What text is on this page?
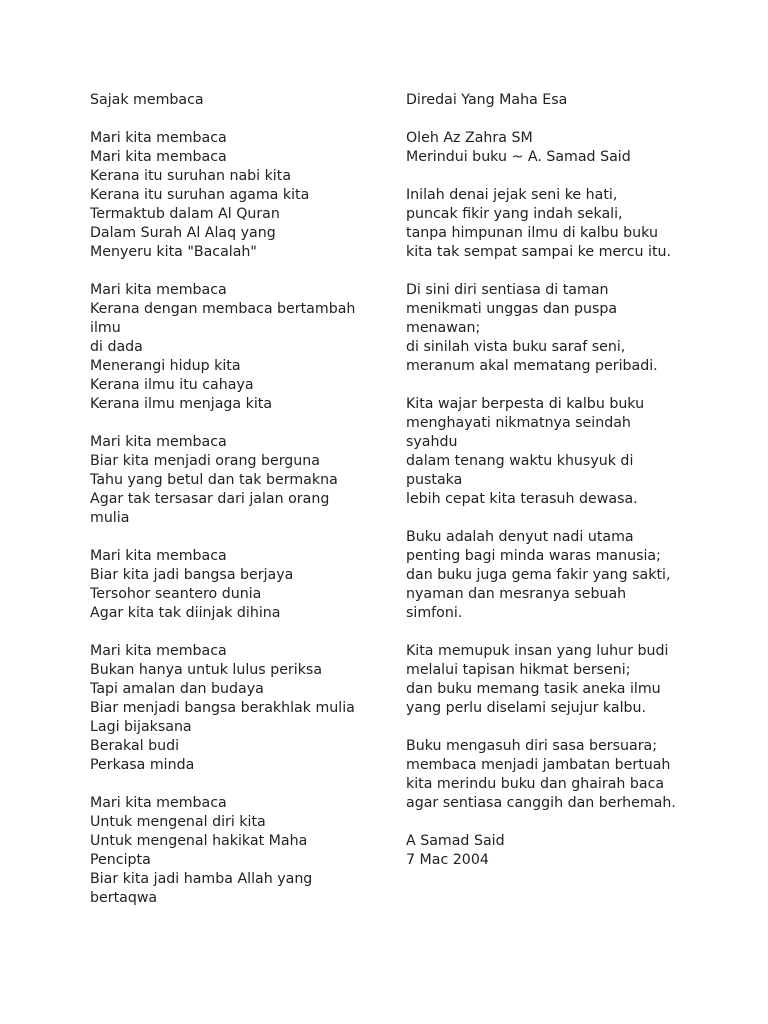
Sajak membaca
Mari kita membaca
Mari kita membaca
Kerana itu suruhan nabi kita
Kerana itu suruhan agama kita
Termaktub dalam Al Quran
Dalam Surah Al Alaq yang
Menyeru kita "Bacalah"
Mari kita membaca
Kerana dengan membaca bertambah
ilmu
di dada
Menerangi hidup kita
Kerana ilmu itu cahaya
Kerana ilmu menjaga kita
Mari kita membaca
Biar kita menjadi orang berguna
Tahu yang betul dan tak bermakna
Agar tak tersasar dari jalan orang
mulia
Mari kita membaca
Biar kita jadi bangsa berjaya
Tersohor seantero dunia
Agar kita tak diinjak dihina
Mari kita membaca
Bukan hanya untuk lulus periksa
Tapi amalan dan budaya
Biar menjadi bangsa berakhlak mulia
Lagi bijaksana
Berakal budi
Perkasa minda
Mari kita membaca
Untuk mengenal diri kita
Untuk mengenal hakikat Maha
Pencipta
Biar kita jadi hamba Allah yang
bertaqwa
Diredai Yang Maha Esa
Oleh Az Zahra SM
Merindui buku ~ A. Samad Said
Inilah denai jejak seni ke hati,
puncak fikir yang indah sekali,
tanpa himpunan ilmu di kalbu buku
kita tak sempat sampai ke mercu itu.
Di sini diri sentiasa di taman
menikmati unggas dan puspa
menawan;
di sinilah vista buku saraf seni,
meranum akal mematang peribadi.
Kita wajar berpesta di kalbu buku
menghayati nikmatnya seindah
syahdu
dalam tenang waktu khusyuk di
pustaka
lebih cepat kita terasuh dewasa.
Buku adalah denyut nadi utama
penting bagi minda waras manusia;
dan buku juga gema fakir yang sakti,
nyaman dan mesranya sebuah
simfoni.
Kita memupuk insan yang luhur budi
melalui tapisan hikmat berseni;
dan buku memang tasik aneka ilmu
yang perlu diselami sejujur kalbu.
Buku mengasuh diri sasa bersuara;
membaca menjadi jambatan bertuah
kita merindu buku dan ghairah baca
agar sentiasa canggih dan berhemah.
A Samad Said
7 Mac 2004
